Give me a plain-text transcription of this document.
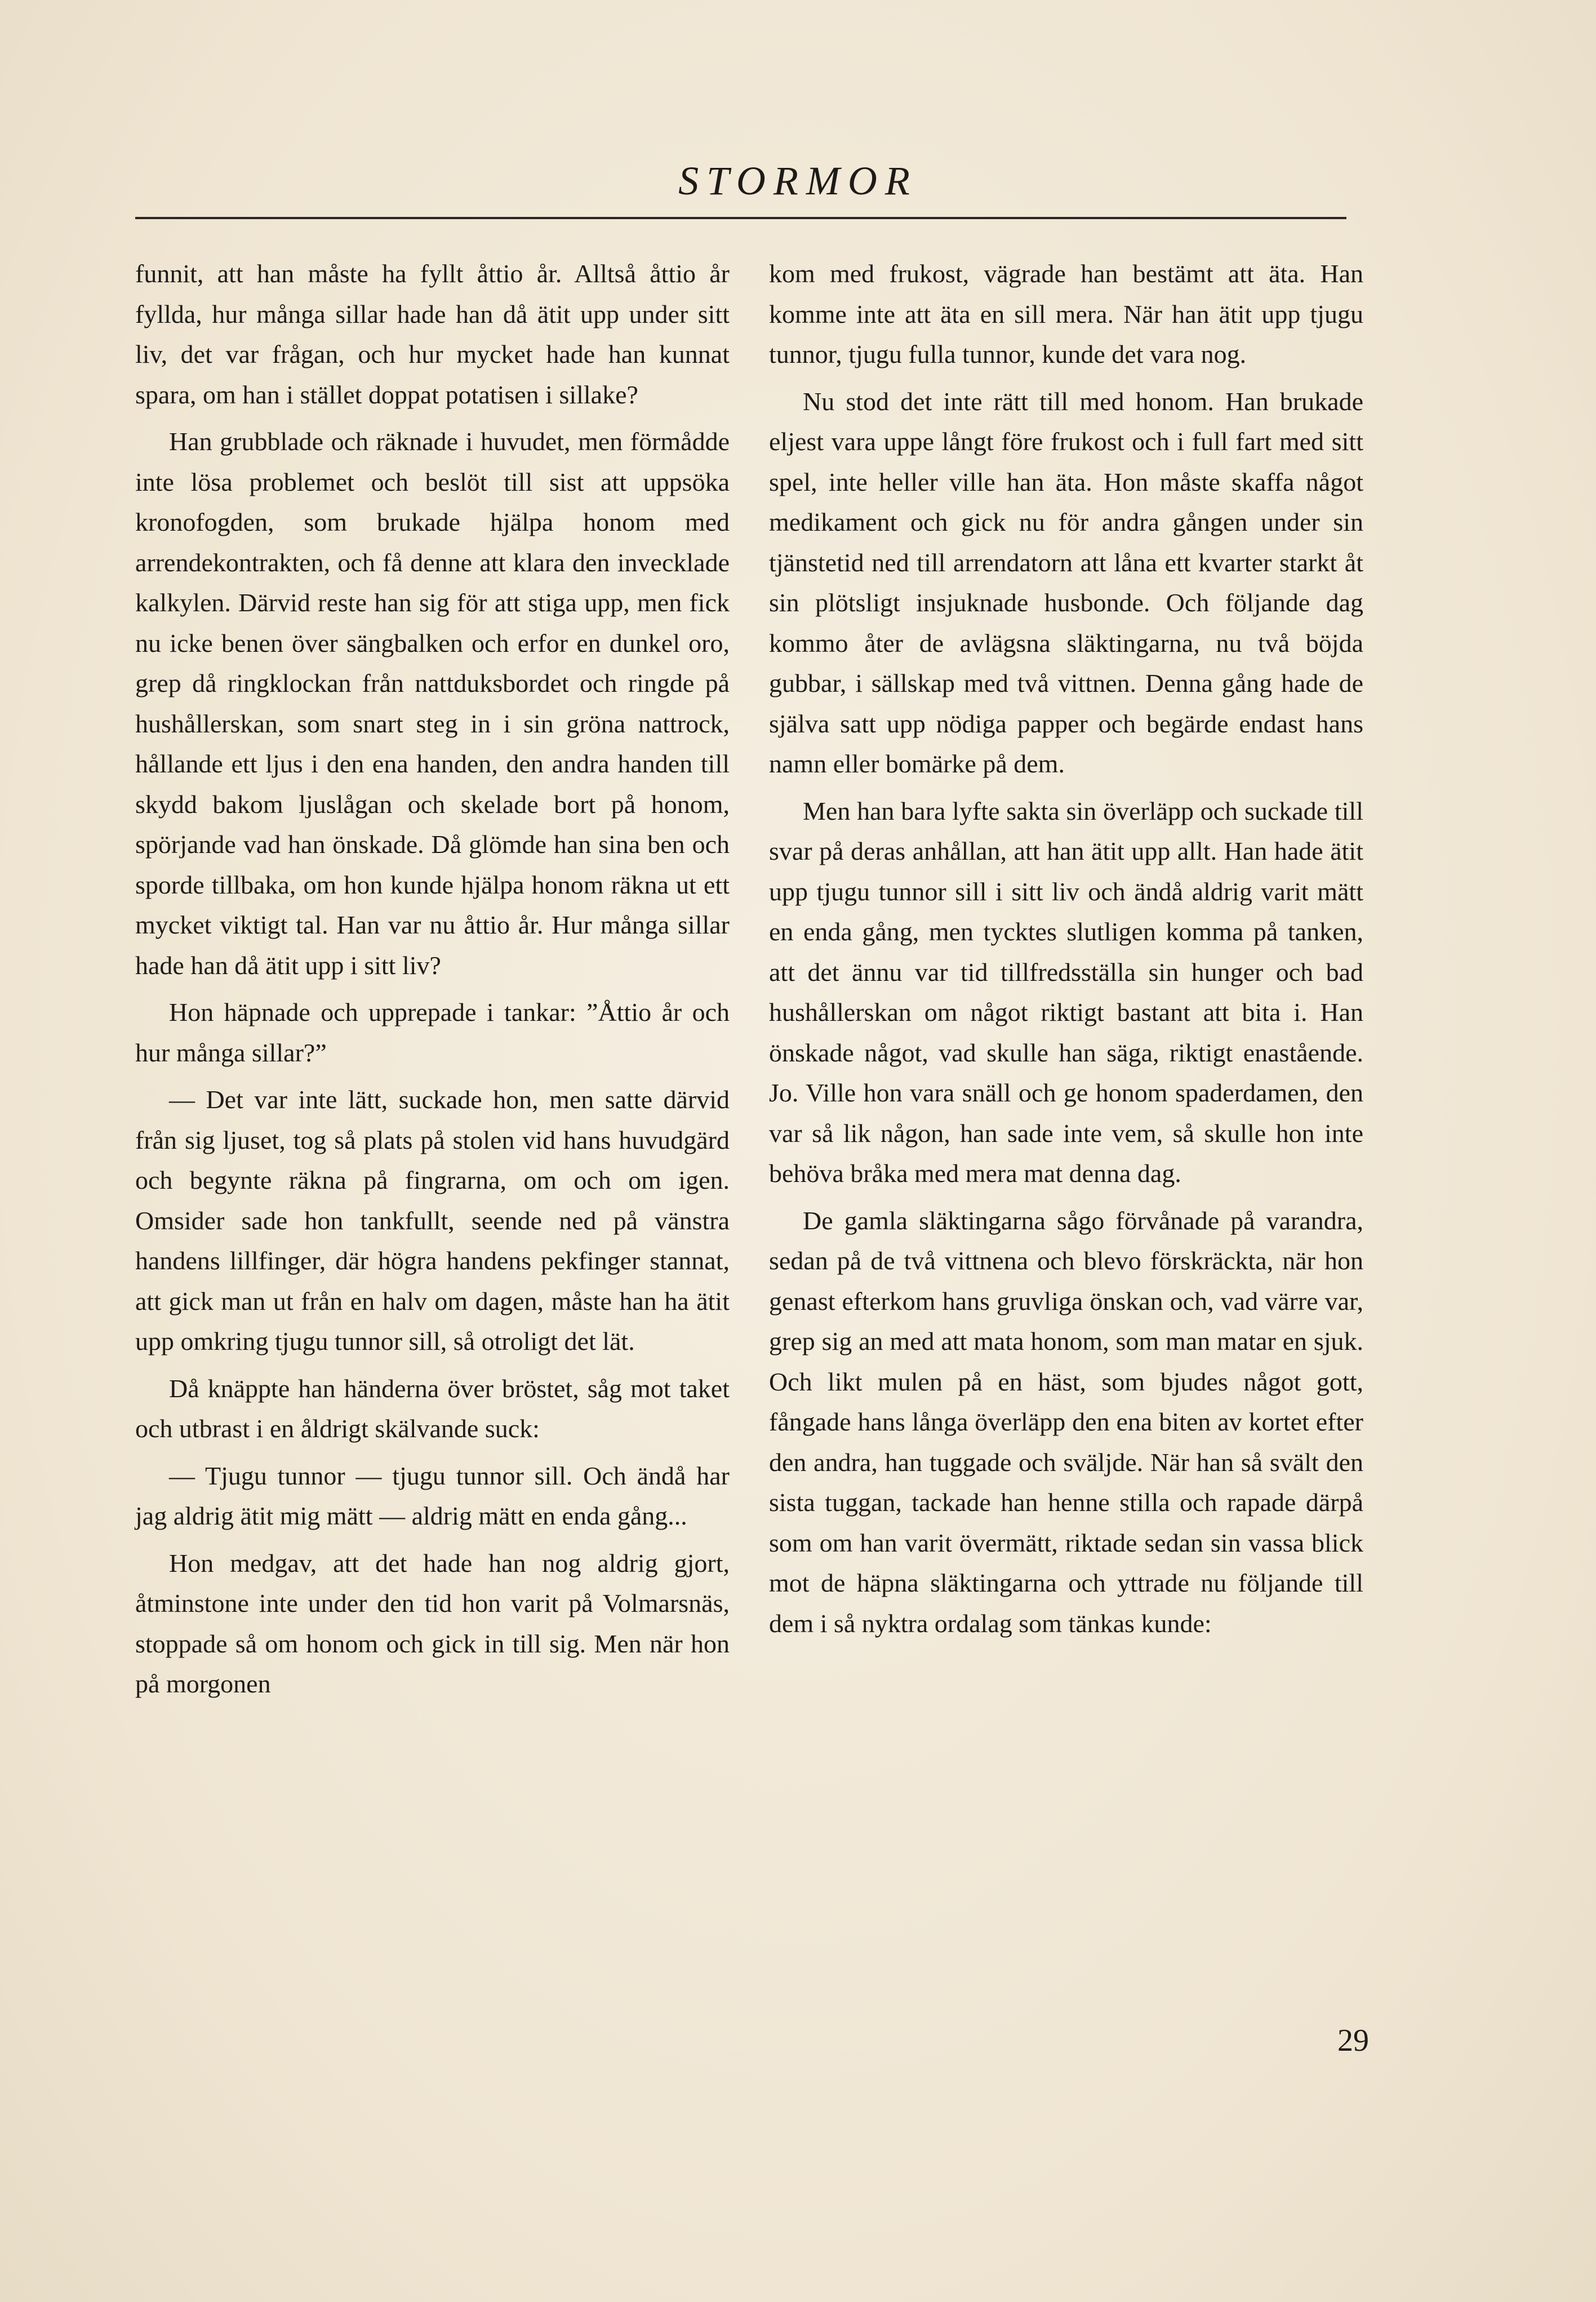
STORMOR

funnit, att han måste ha fyllt åttio år. Alltså åttio år fyllda, hur många sillar hade han då ätit upp under sitt liv, det var frågan, och hur mycket hade han kunnat spara, om han i stället doppat potatisen i sillake?

Han grubblade och räknade i huvudet, men förmådde inte lösa problemet och beslöt till sist att uppsöka kronofogden, som brukade hjälpa honom med arrendekontrakten, och få denne att klara den invecklade kalkylen. Därvid reste han sig för att stiga upp, men fick nu icke benen över sängbalken och erfor en dunkel oro, grep då ringklockan från nattduksbordet och ringde på hushållerskan, som snart steg in i sin gröna nattrock, hållande ett ljus i den ena handen, den andra handen till skydd bakom ljuslågan och skelade bort på honom, spörjande vad han önskade. Då glömde han sina ben och sporde tillbaka, om hon kunde hjälpa honom räkna ut ett mycket viktigt tal. Han var nu åttio år. Hur många sillar hade han då ätit upp i sitt liv?

Hon häpnade och upprepade i tankar: ”Åttio år och hur många sillar?”

— Det var inte lätt, suckade hon, men satte därvid från sig ljuset, tog så plats på stolen vid hans huvudgärd och begynte räkna på fingrarna, om och om igen. Omsider sade hon tankfullt, seende ned på vänstra handens lillfinger, där högra handens pekfinger stannat, att gick man ut från en halv om dagen, måste han ha ätit upp omkring tjugu tunnor sill, så otroligt det lät.

Då knäppte han händerna över bröstet, såg mot taket och utbrast i en åldrigt skälvande suck:

— Tjugu tunnor — tjugu tunnor sill. Och ändå har jag aldrig ätit mig mätt — aldrig mätt en enda gång...

Hon medgav, att det hade han nog aldrig gjort, åtminstone inte under den tid hon varit på Volmarsnäs, stoppade så om honom och gick in till sig. Men när hon på morgonen

kom med frukost, vägrade han bestämt att äta. Han komme inte att äta en sill mera. När han ätit upp tjugu tunnor, tjugu fulla tunnor, kunde det vara nog.

Nu stod det inte rätt till med honom. Han brukade eljest vara uppe långt före frukost och i full fart med sitt spel, inte heller ville han äta. Hon måste skaffa något medikament och gick nu för andra gången under sin tjänstetid ned till arrendatorn att låna ett kvarter starkt åt sin plötsligt insjuknade husbonde. Och följande dag kommo åter de avlägsna släktingarna, nu två böjda gubbar, i sällskap med två vittnen. Denna gång hade de själva satt upp nödiga papper och begärde endast hans namn eller bomärke på dem.

Men han bara lyfte sakta sin överläpp och suckade till svar på deras anhållan, att han ätit upp allt. Han hade ätit upp tjugu tunnor sill i sitt liv och ändå aldrig varit mätt en enda gång, men tycktes slutligen komma på tanken, att det ännu var tid tillfredsställa sin hunger och bad hushållerskan om något riktigt bastant att bita i. Han önskade något, vad skulle han säga, riktigt enastående. Jo. Ville hon vara snäll och ge honom spaderdamen, den var så lik någon, han sade inte vem, så skulle hon inte behöva bråka med mera mat denna dag.

De gamla släktingarna sågo förvånade på varandra, sedan på de två vittnena och blevo förskräckta, när hon genast efterkom hans gruvliga önskan och, vad värre var, grep sig an med att mata honom, som man matar en sjuk. Och likt mulen på en häst, som bjudes något gott, fångade hans långa överläpp den ena biten av kortet efter den andra, han tuggade och sväljde. När han så svält den sista tuggan, tackade han henne stilla och rapade därpå som om han varit övermätt, riktade sedan sin vassa blick mot de häpna släktingarna och yttrade nu följande till dem i så nyktra ordalag som tänkas kunde:

29
